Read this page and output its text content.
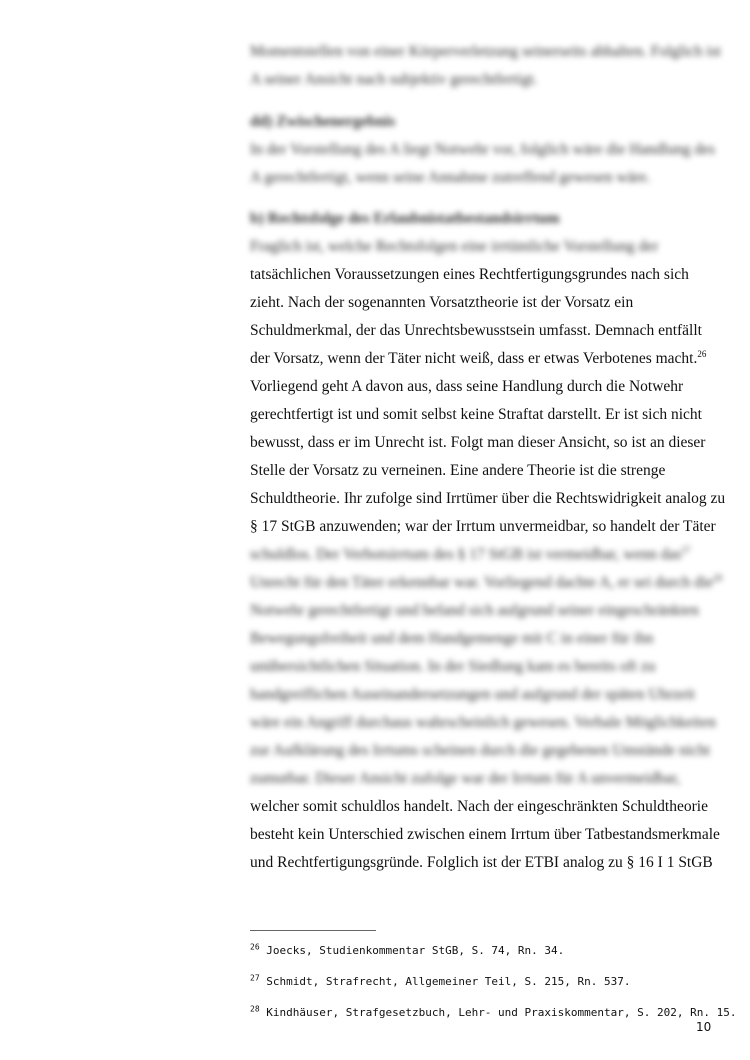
Momentstellen von einer Körperverletzung seinerseits abhalten. Folglich ist
A seiner Ansicht nach subjektiv gerechtfertigt.
dd) Zwischenergebnis
In der Vorstellung des A liegt Notwehr vor, folglich wäre die Handlung des
A gerechtfertigt, wenn seine Annahme zutreffend gewesen wäre.
b) Rechtsfolge des Erlaubnistatbestandsirrtum
Fraglich ist, welche Rechtsfolgen eine irrtümliche Vorstellung der
tatsächlichen Voraussetzungen eines Rechtfertigungsgrundes nach sich
zieht. Nach der sogenannten Vorsatztheorie ist der Vorsatz ein
Schuldmerkmal, der das Unrechtsbewusstsein umfasst. Demnach entfällt
der Vorsatz, wenn der Täter nicht weiß, dass er etwas Verbotenes macht.$^{26}$
Vorliegend geht A davon aus, dass seine Handlung durch die Notwehr
gerechtfertigt ist und somit selbst keine Straftat darstellt. Er ist sich nicht
bewusst, dass er im Unrecht ist. Folgt man dieser Ansicht, so ist an dieser
Stelle der Vorsatz zu verneinen. Eine andere Theorie ist die strenge
Schuldtheorie. Ihr zufolge sind Irrtümer über die Rechtswidrigkeit analog zu
§ 17 StGB anzuwenden; war der Irrtum unvermeidbar, so handelt der Täter
schuldlos. Der Verbotsirrtum des § 17 StGB ist vermeidbar, wenn das$^{27}$
Unrecht für den Täter erkennbar war. Vorliegend dachte A, er sei durch die$^{28}$
Notwehr gerechtfertigt und befand sich aufgrund seiner eingeschränkten
Bewegungsfreiheit und dem Handgemenge mit C in einer für ihn
unübersichtlichen Situation. In der Siedlung kam es bereits oft zu
handgreiflichen Auseinandersetzungen und aufgrund der späten Uhrzeit
wäre ein Angriff durchaus wahrscheinlich gewesen. Verbale Möglichkeiten
zur Aufklärung des Irrtums scheinen durch die gegebenen Umstände nicht
zumutbar. Dieser Ansicht zufolge war der Irrtum für A unvermeidbar,
welcher somit schuldlos handelt. Nach der eingeschränkten Schuldtheorie
besteht kein Unterschied zwischen einem Irrtum über Tatbestandsmerkmale
und Rechtfertigungsgründe. Folglich ist der ETBI analog zu § 16 I 1 StGB
$^{26}$ Joecks, Studienkommentar StGB, S. 74, Rn. 34.
$^{27}$ Schmidt, Strafrecht, Allgemeiner Teil, S. 215, Rn. 537.
$^{28}$ Kindhäuser, Strafgesetzbuch, Lehr- und Praxiskommentar, S. 202, Rn. 15.
10
